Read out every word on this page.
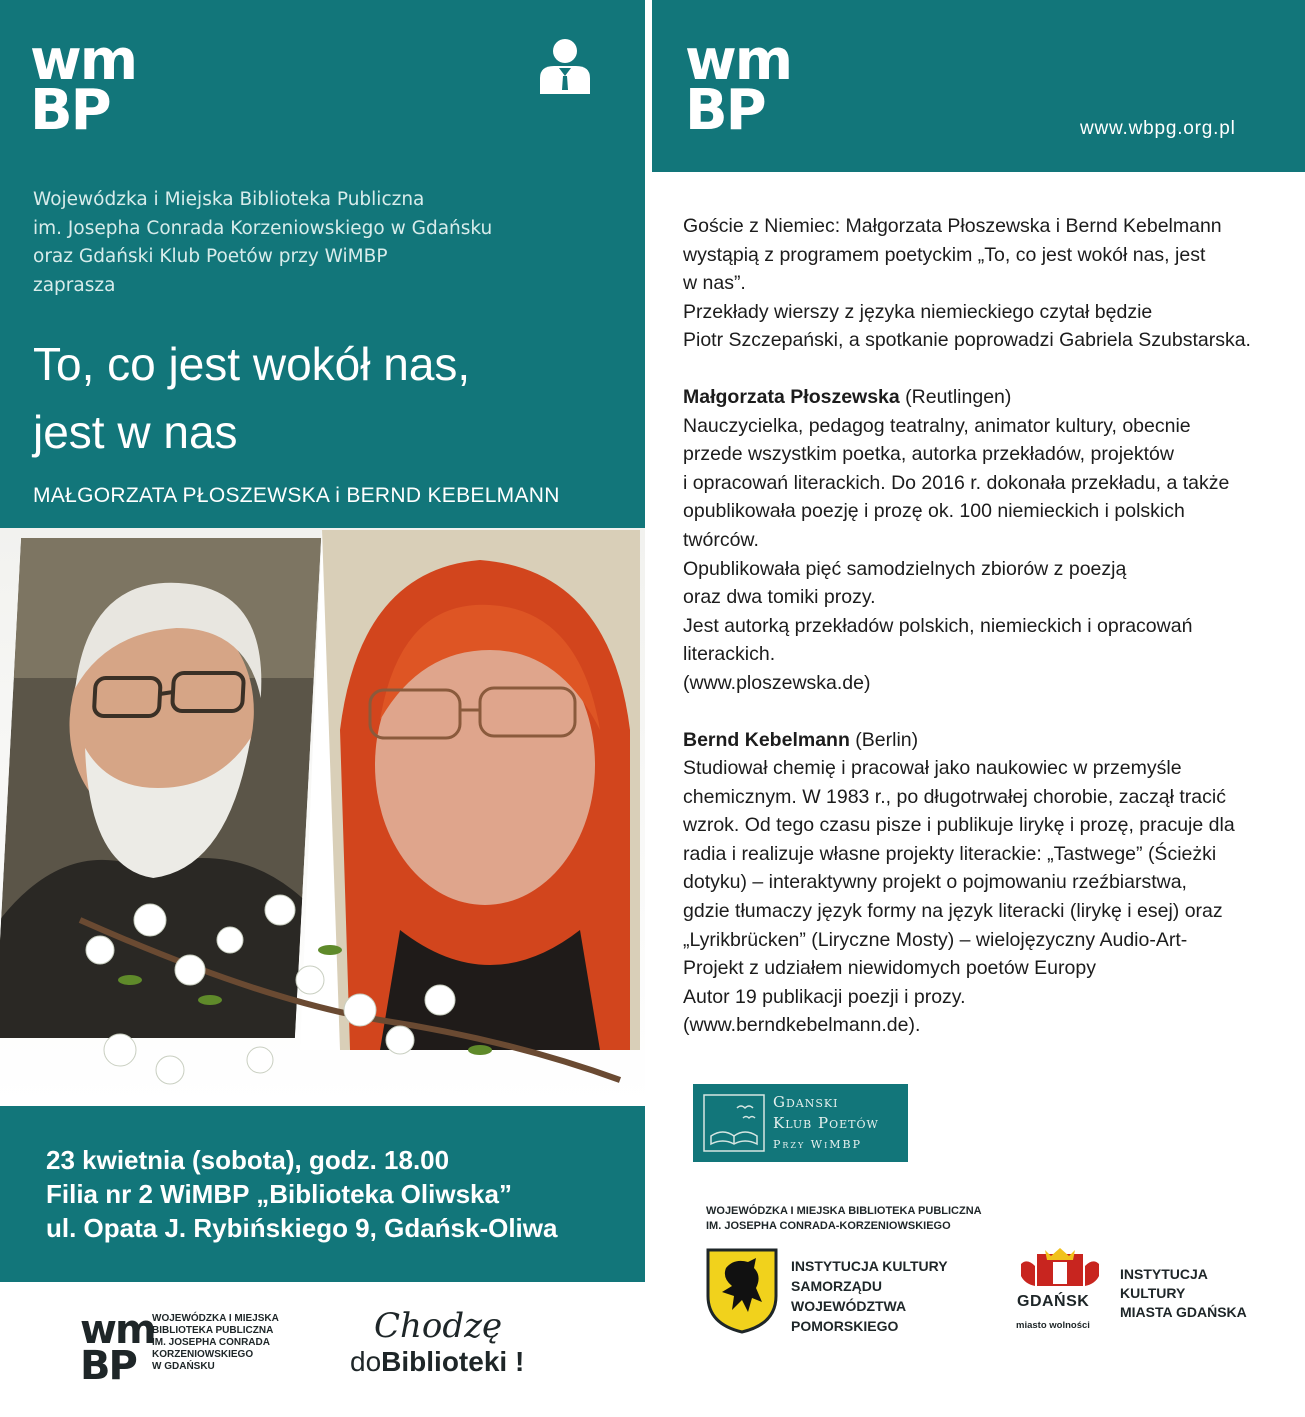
wm
BP

Wojewódzka i Miejska Biblioteka Publiczna

im. Josepha Conrada Korzeniowskiego w Gdańsku

oraz Gdański Klub Poetów przy WiMBP

zaprasza

To, co jest wokół nas,

jest w nas

MAŁGORZATA PŁOSZEWSKA i BERND KEBELMANN

23 kwietnia (sobota), godz. 18.00

Filia nr 2 WiMBP „Biblioteka Oliwska”

ul. Opata J. Rybińskiego 9, Gdańsk-Oliwa

wm
BP

WOJEWÓDZKA I MIEJSKA

BIBLIOTEKA PUBLICZNA

IM. JOSEPHA CONRADA

KORZENIOWSKIEGO

W GDAŃSKU

Chodzę
doBiblioteki !
wm
BP	www.wbpg.org.pl

Goście z Niemiec: Małgorzata Płoszewska i Bernd Kebelmann

wystąpią z programem poetyckim „To, co jest wokół nas, jest

w nas”.

Przekłady wierszy z języka niemieckiego czytał będzie

Piotr Szczepański, a spotkanie poprowadzi Gabriela Szubstarska.

Małgorzata Płoszewska (Reutlingen)

Nauczycielka, pedagog teatralny, animator kultury, obecnie

przede wszystkim poetka, autorka przekładów, projektów

i opracowań literackich. Do 2016 r. dokonała przekładu, a także

opublikowała poezję i prozę ok. 100 niemieckich i polskich

twórców.

Opublikowała pięć samodzielnych zbiorów z poezją

oraz dwa tomiki prozy.

Jest autorką przekładów polskich, niemieckich i opracowań

literackich.

(www.ploszewska.de)

Bernd Kebelmann (Berlin)

Studiował chemię i pracował jako naukowiec w przemyśle

chemicznym. W 1983 r., po długotrwałej chorobie, zaczął tracić

wzrok. Od tego czasu pisze i publikuje lirykę i prozę, pracuje dla

radia i realizuje własne projekty literackie: „Tastwege” (Ścieżki

dotyku) – interaktywny projekt o pojmowaniu rzeźbiarstwa,

gdzie tłumaczy język formy na język literacki (lirykę i esej) oraz

„Lyrikbrücken” (Liryczne Mosty) – wielojęzyczny Audio-Art-

Projekt z udziałem niewidomych poetów Europy

Autor 19 publikacji poezji i prozy.

(www.berndkebelmann.de).

Gdanski

Klub Poetów

Przy WiMBP

WOJEWÓDZKA I MIEJSKA BIBLIOTEKA PUBLICZNA

IM. JOSEPHA CONRADA-KORZENIOWSKIEGO

INSTYTUCJA KULTURY

SAMORZĄDU

WOJEWÓDZTWA

POMORSKIEGO

GDAŃSK
miasto wolności

INSTYTUCJA

KULTURY

MIASTA GDAŃSKA
